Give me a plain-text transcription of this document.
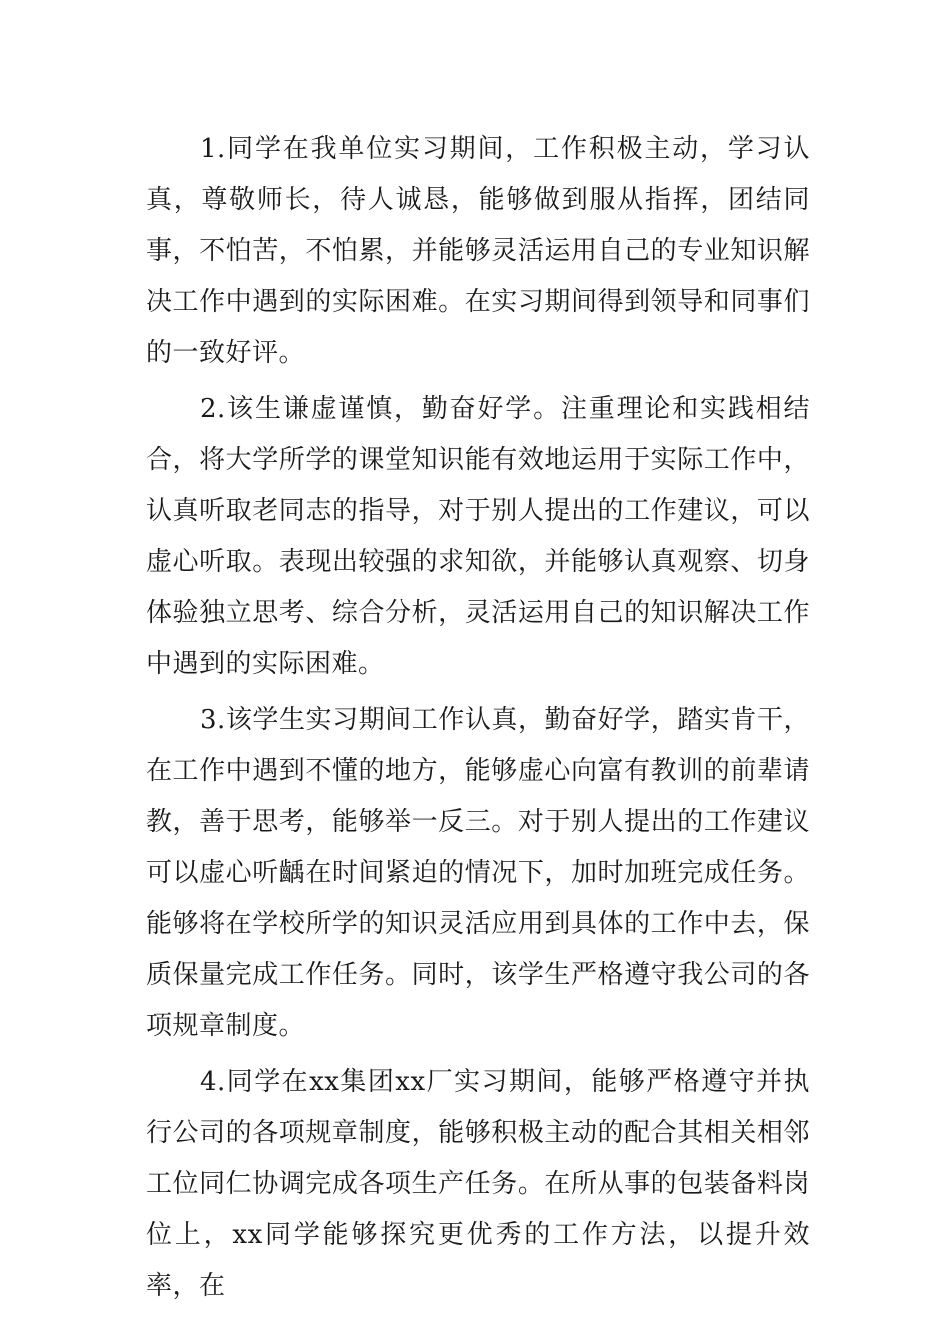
1.同学在我单位实习期间，工作积极主动，学习认真，尊敬师长，待人诚恳，能够做到服从指挥，团结同事，不怕苦，不怕累，并能够灵活运用自己的专业知识解决工作中遇到的实际困难。在实习期间得到领导和同事们的一致好评。

2.该生谦虚谨慎，勤奋好学。注重理论和实践相结合，将大学所学的课堂知识能有效地运用于实际工作中，认真听取老同志的指导，对于别人提出的工作建议，可以虚心听取。表现出较强的求知欲，并能够认真观察、切身体验独立思考、综合分析，灵活运用自己的知识解决工作中遇到的实际困难。

3.该学生实习期间工作认真，勤奋好学，踏实肯干，在工作中遇到不懂的地方，能够虚心向富有教训的前辈请教，善于思考，能够举一反三。对于别人提出的工作建议可以虚心听齲在时间紧迫的情况下，加时加班完成任务。能够将在学校所学的知识灵活应用到具体的工作中去，保质保量完成工作任务。同时，该学生严格遵守我公司的各项规章制度。

4.同学在xx集团xx厂实习期间，能够严格遵守并执行公司的各项规章制度，能够积极主动的配合其相关相邻工位同仁协调完成各项生产任务。在所从事的包装备料岗位上，xx同学能够探究更优秀的工作方法，以提升效率，在
